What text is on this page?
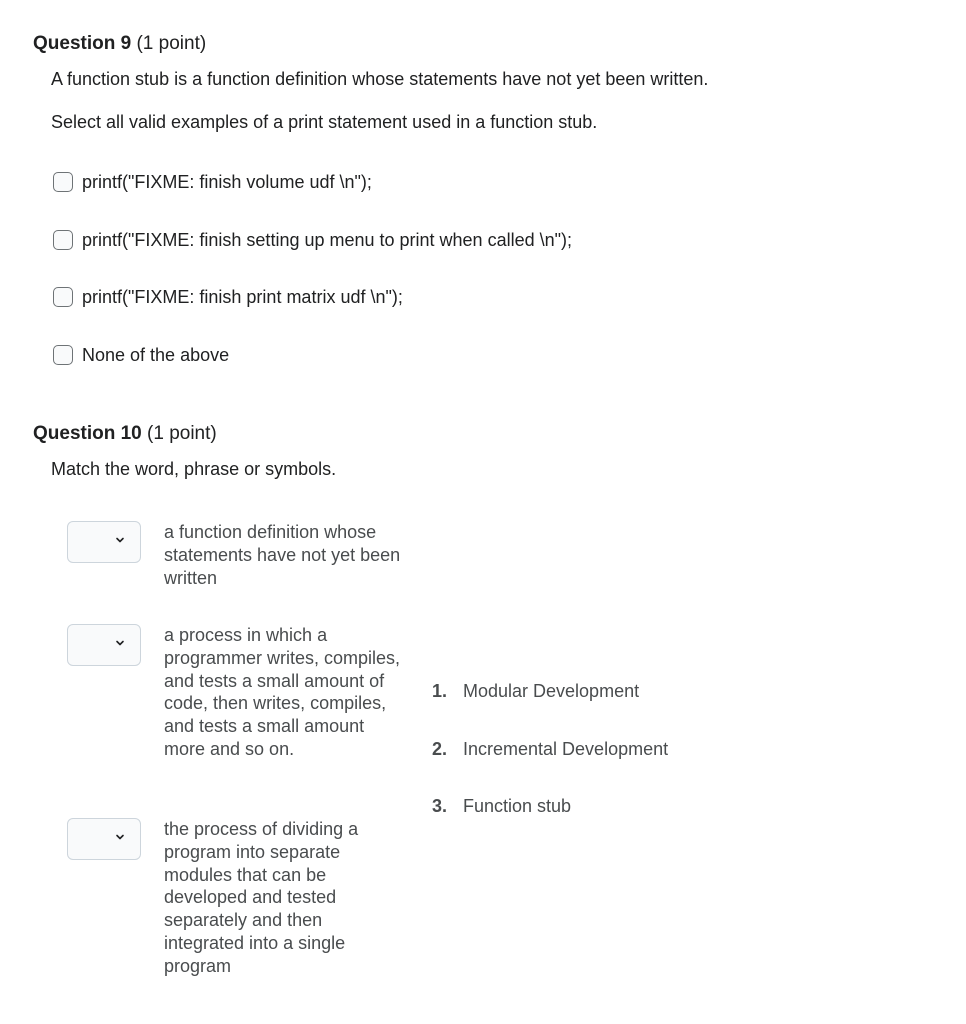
Question 9 (1 point)
A function stub is a function definition whose statements have not yet been written.
Select all valid examples of a print statement used in a function stub.
printf("FIXME: finish volume udf \n");
printf("FIXME: finish setting up menu to print when called \n");
printf("FIXME: finish print matrix udf \n");
None of the above
Question 10 (1 point)
Match the word, phrase or symbols.
a function definition whose statements have not yet been written
a process in which a programmer writes, compiles, and tests a small amount of code, then writes, compiles, and tests a small amount more and so on.
the process of dividing a program into separate modules that can be developed and tested separately and then integrated into a single program
1. Modular Development
2. Incremental Development
3. Function stub
